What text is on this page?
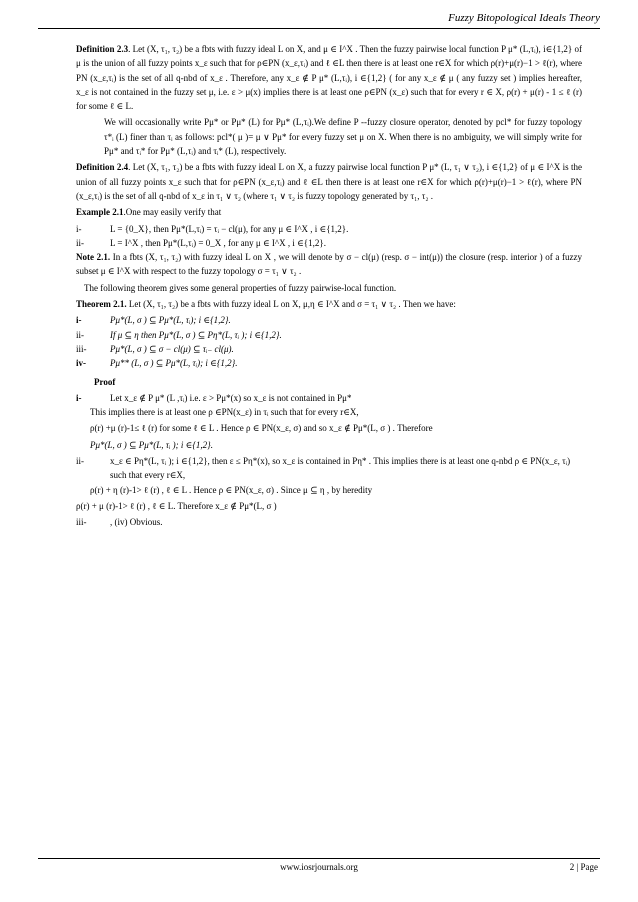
Fuzzy Bitopological Ideals Theory

Definition 2.3. Let (X, τ₁, τ₂) be a fbts with fuzzy ideal L on X, and μ ∈ I^X . Then the fuzzy pairwise local function P μ* (L,τᵢ), i∈{1,2} of μ is the union of all fuzzy points x_ε such that for ρ∈PN (x_ε,τᵢ) and ℓ ∈L then there is at least one r∈X for which ρ(r)+μ(r)−1 > ℓ(r), where PN (x_ε,τᵢ) is the set of all q-nbd of x_ε . Therefore, any x_ε ∉ P μ* (L,τᵢ), i ∈{1,2} ( for any x_ε ∉ μ ( any fuzzy set ) implies hereafter, x_ε is not contained in the fuzzy set μ, i.e. ε > μ(x) implies there is at least one ρ∈PN (x_ε) such that for every r ∈ X, ρ(r) + μ(r) - 1 ≤ ℓ (r) for some ℓ ∈ L.

We will occasionally write Pμ* or Pμ* (L) for Pμ* (L,τᵢ).We define P --fuzzy closure operator, denoted by pcl* for fuzzy topology τ*ᵢ (L) finer than τᵢ as follows: pcl*( μ )= μ ∨ Pμ* for every fuzzy set μ on X. When there is no ambiguity, we will simply write for Pμ* and τᵢ* for Pμ* (L,τᵢ) and τᵢ* (L), respectively.

Definition 2.4. Let (X, τ₁, τ₂) be a fbts with fuzzy ideal L on X, a fuzzy pairwise local function P μ* (L, τ₁ ∨ τ₂), i ∈{1,2} of μ ∈ I^X is the union of all fuzzy points x_ε such that for ρ∈PN (x_ε,τᵢ) and ℓ ∈L then there is at least one r∈X for which ρ(r)+μ(r)−1 > ℓ(r), where PN (x_ε,τᵢ) is the set of all q-nbd of x_ε in τ₁ ∨ τ₂ (where τ₁ ∨ τ₂ is fuzzy topology generated by τ₁, τ₂ .

Example 2.1.One may easily verify that

i-	L = {0_X}, then Pμ*(L,τᵢ) = τᵢ − cl(μ), for any μ ∈ I^X , i ∈{1,2}.
ii-	L = I^X , then Pμ*(L,τᵢ) = 0_X , for any μ ∈ I^X , i ∈{1,2}.

Note 2.1. In a fbts (X, τ₁, τ₂) with fuzzy ideal L on X , we will denote by σ − cl(μ) (resp. σ − int(μ)) the closure (resp. interior ) of a fuzzy subset μ ∈ I^X with respect to the fuzzy topology σ = τ₁ ∨ τ₂ .

The following theorem gives some general properties of fuzzy pairwise-local function.

Theorem 2.1. Let (X, τ₁, τ₂) be a fbts with fuzzy ideal L on X, μ,η ∈ I^X and σ = τ₁ ∨ τ₂ . Then we have:

i-	Pμ*(L, σ ) ⊆ Pμ*(L, τᵢ); i ∈{1,2}.
ii-	If μ ⊆ η then Pμ*(L, σ ) ⊆ Pη*(L, τᵢ ); i ∈{1,2}.
iii-	Pμ*(L, σ ) ⊆ σ − cl(μ) ⊆ τᵢ₋ cl(μ).
iv-	Pμ** (L, σ ) ⊆ Pμ*(L, τᵢ); i ∈{1,2}.

Proof

i-	Let x_ε ∉ P μ* (L ,τᵢ) i.e. ε > Pμ*(x) so x_ε is not contained in Pμ*

This implies there is at least one ρ ∈PN(x_ε) in τᵢ such that for every r∈X,

ρ(r) +μ (r)-1≤ ℓ (r) for some ℓ ∈ L . Hence ρ ∈ PN(x_ε, σ) and so x_ε ∉ Pμ*(L, σ ) . Therefore

Pμ*(L, σ ) ⊆ Pμ*(L, τᵢ ); i ∈{1,2}.

ii-	x_ε ∈ Pη*(L, τᵢ ); i ∈{1,2}, then ε ≤ Pη*(x), so x_ε is contained in Pη* . This implies there is at least one q-nbd ρ ∈ PN(x_ε, τᵢ) such that every r∈X,

ρ(r) + η (r)-1> ℓ (r) , ℓ ∈ L . Hence ρ ∈ PN(x_ε, σ) . Since μ ⊆ η , by heredity

ρ(r) + μ (r)-1> ℓ (r) , ℓ ∈ L. Therefore x_ε ∉ Pμ*(L, σ )

iii-	, (iv) Obvious.
www.iosrjournals.org	2 | Page
